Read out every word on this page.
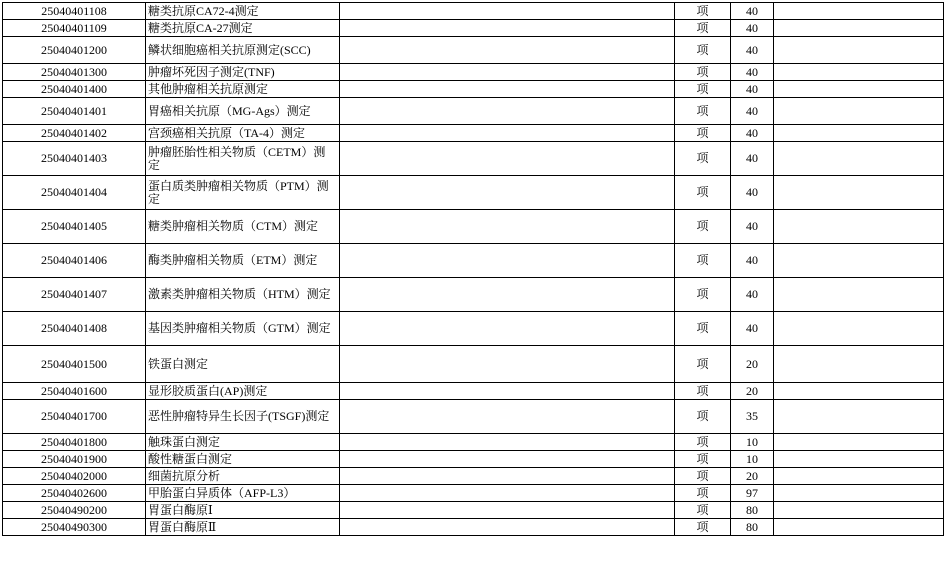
25040401108	糖类抗原CA72-4测定		项	40	
25040401109	糖类抗原CA-27测定		项	40	
25040401200	鳞状细胞癌相关抗原测定(SCC)		项	40	
25040401300	肿瘤坏死因子测定(TNF)		项	40	
25040401400	其他肿瘤相关抗原测定		项	40	
25040401401	胃癌相关抗原（MG-Ags）测定		项	40	
25040401402	宫颈癌相关抗原（TA-4）测定		项	40	
25040401403	肿瘤胚胎性相关物质（CETM）测定		项	40	
25040401404	蛋白质类肿瘤相关物质（PTM）测定		项	40	
25040401405	糖类肿瘤相关物质（CTM）测定		项	40	
25040401406	酶类肿瘤相关物质（ETM）测定		项	40	
25040401407	激素类肿瘤相关物质（HTM）测定		项	40	
25040401408	基因类肿瘤相关物质（GTM）测定		项	40	
25040401500	铁蛋白测定		项	20	
25040401600	显形胶质蛋白(AP)测定		项	20	
25040401700	恶性肿瘤特异生长因子(TSGF)测定		项	35	
25040401800	触珠蛋白测定		项	10	
25040401900	酸性糖蛋白测定		项	10	
25040402000	细菌抗原分析		项	20	
25040402600	甲胎蛋白异质体（AFP-L3）		项	97	
25040490200	胃蛋白酶原Ⅰ		项	80	
25040490300	胃蛋白酶原Ⅱ		项	80	
